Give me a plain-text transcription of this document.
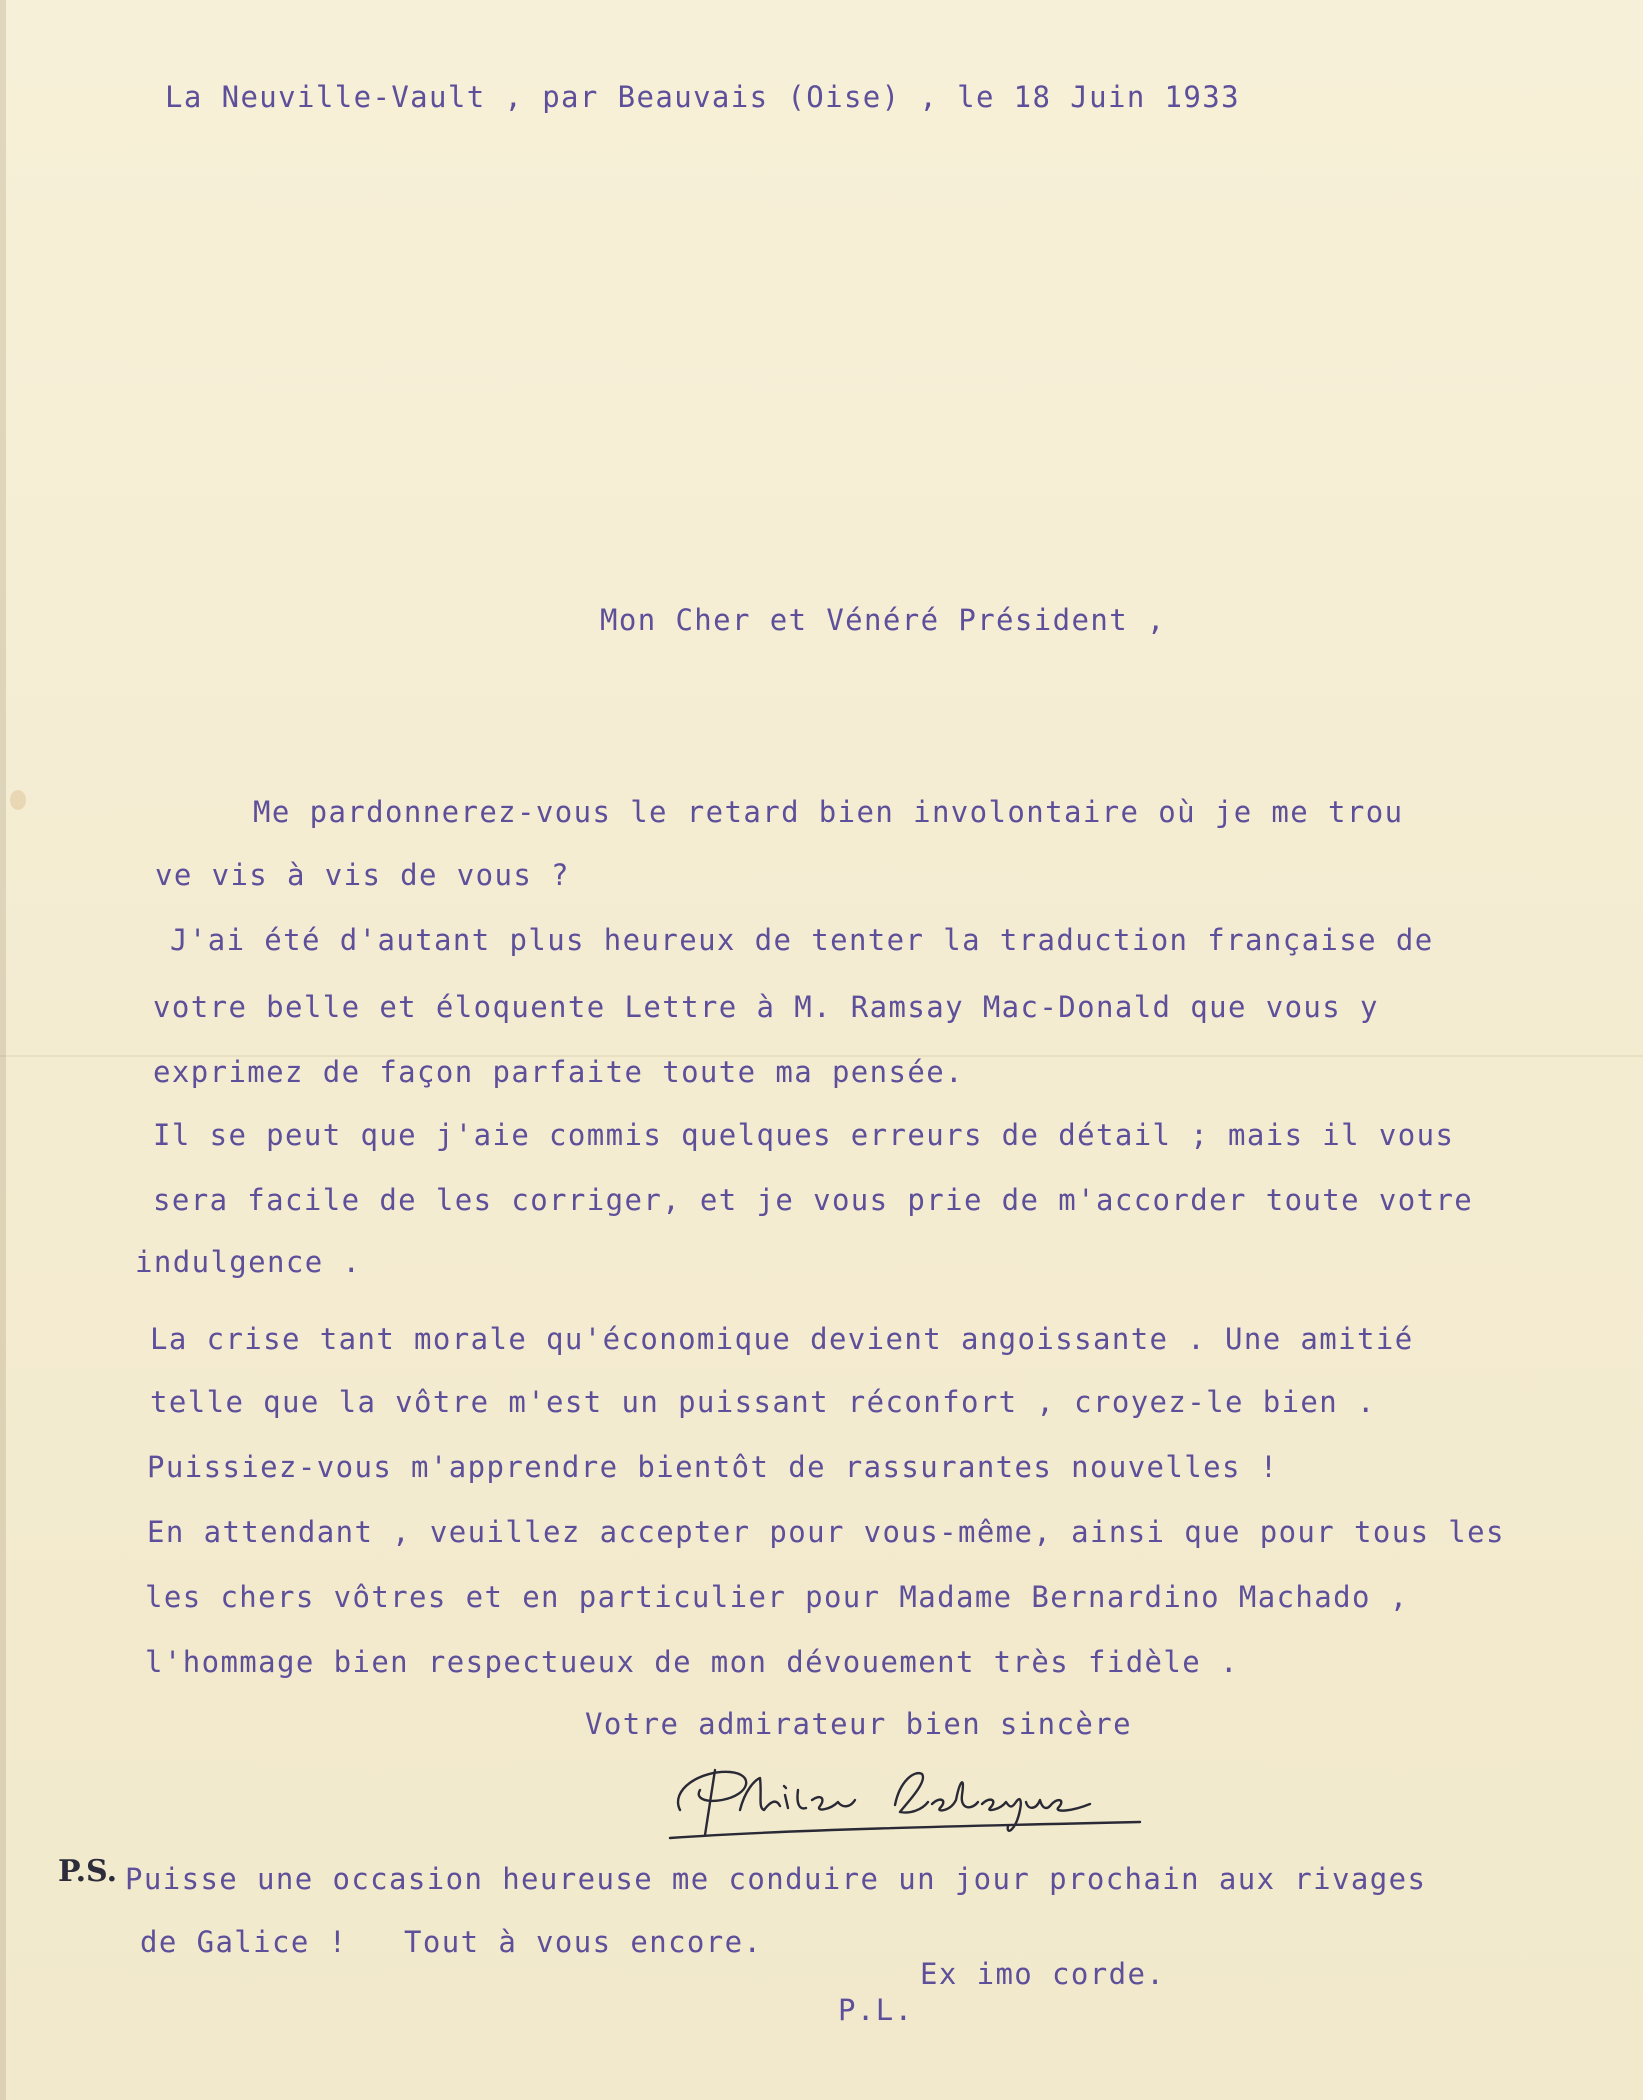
La Neuville-Vault , par Beauvais (Oise) , le 18 Juin 1933

Mon Cher et Vénéré Président ,

Me pardonnerez-vous le retard bien involontaire où je me trou

ve vis à vis de vous ?

J'ai été d'autant plus heureux de tenter la traduction française de

votre belle et éloquente Lettre à M. Ramsay Mac-Donald que vous y

exprimez de façon parfaite toute ma pensée.

Il se peut que j'aie commis quelques erreurs de détail ; mais il vous

sera facile de les corriger, et je vous prie de m'accorder toute votre

indulgence .

La crise tant morale qu'économique devient angoissante . Une amitié

telle que la vôtre m'est un puissant réconfort , croyez-le bien .

Puissiez-vous m'apprendre bientôt de rassurantes nouvelles !

En attendant , veuillez accepter pour vous-même, ainsi que pour tous les

les chers vôtres et en particulier pour Madame Bernardino Machado ,

l'hommage bien respectueux de mon dévouement très fidèle .

Votre admirateur bien sincère

P.S. Puisse une occasion heureuse me conduire un jour prochain aux rivages

de Galice !   Tout à vous encore.

Ex imo corde.

P.L.
